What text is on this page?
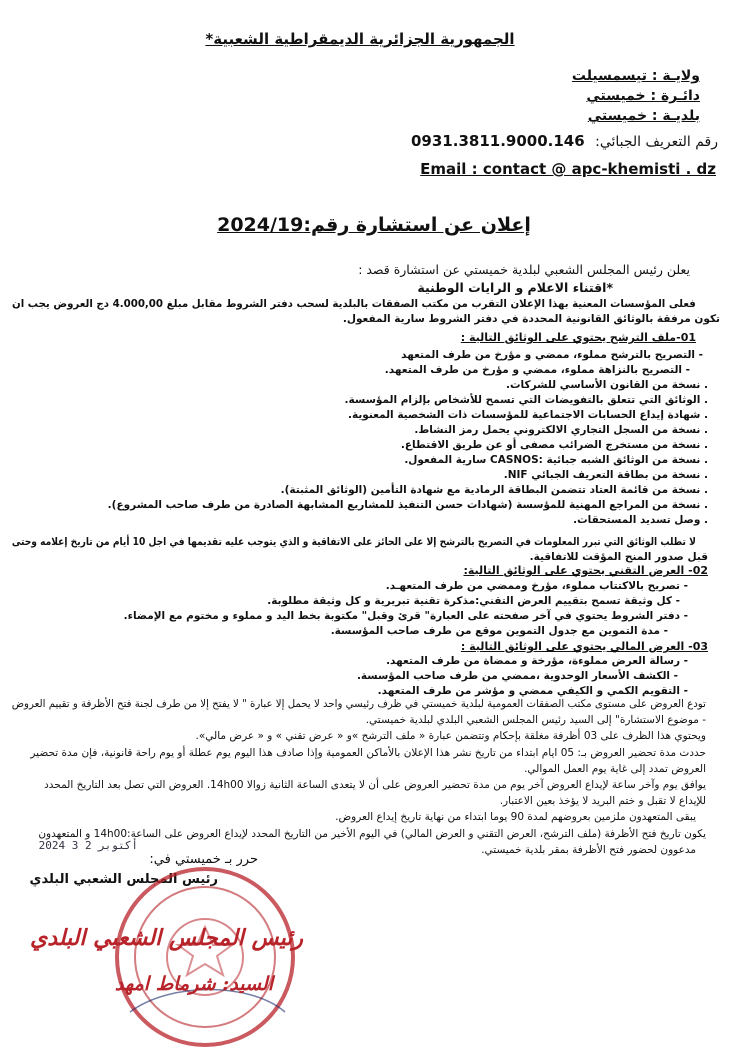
الجمهورية الجزائرية الديمقراطية الشعبية*
ولايـة : تيسمسيلت
دائـرة : خميستي
بلديـة : خميستي
رقم التعريف الجبائي: 0931.3811.9000.146
Email : contact @ apc-khemisti . dz
إعلان عن استشارة رقم:2024/19
يعلن رئيس المجلس الشعبي لبلدية خميستي عن استشارة قصد :
*اقتناء الاعلام و الرايات الوطنية
فعلى المؤسسات المعنية بهذا الإعلان التقرب من مكتب الصفقات بالبلدية لسحب دفتر الشروط مقابل مبلغ 4.000,00 دج العروض يجب ان
تكون مرفقة بالوثائق القانونية المحددة في دفتر الشروط سارية المفعول.
01-ملف الترشح يحتوي على الوثائق التالية :
- التصريح بالترشح مملوء، ممضي و مؤرخ من طرف المتعهد
- التصريح بالنزاهة مملوء، ممضي و مؤرخ من طرف المتعهد.
. نسخة من القانون الأساسي للشركات.
. الوثائق التي تتعلق بالتفويضات التي تسمح للأشخاص بإلزام المؤسسة.
. شهادة إيداع الحسابات الاجتماعية للمؤسسات ذات الشخصية المعنوية.
. نسخة من السجل التجاري الالكتروني يحمل رمز النشاط.
. نسخة من مستخرج الضرائب مصفى أو عن طريق الاقتطاع.
. نسخة من الوثائق الشبه جبائية :CASNOS سارية المفعول.
. نسخة من بطاقة التعريف الجبائي NIF.
. نسخة من قائمة العتاد تتضمن البطاقة الرمادية مع شهادة التأمين (الوثائق المثبتة).
. نسخة من المراجع المهنية للمؤسسة (شهادات حسن التنفيذ للمشاريع المشابهة الصادرة من طرف صاحب المشروع).
. وصل تسديد المستحقات.
لا تطلب الوثائق التي تبرر المعلومات في التصريح بالترشح إلا على الحائز على الاتفاقية و الذي يتوجب عليه تقديمها في اجل 10 أيام من تاريخ إعلامه وحتى
قبل صدور المنح المؤقت للاتفاقية.
02- العرض التقني يحتوي على الوثائق التالية:
- تصريح بالاكتتاب مملوء، مؤرخ وممضي من طرف المتعهـد.
- كل وثيقة تسمح بتقييم العرض التقني:مذكرة تقنية تبريرية و كل وثيقة مطلوبة.
- دفتر الشروط يحتوي في آخر صفحته على العبارة" قرئ وقبل" مكتوبة بخط اليد و مملوء و مختوم مع الإمضاء.
- مدة التموين مع جدول التموين موقع من طرف صاحب المؤسسة.
03- العرض المالي يحتوي على الوثائق التالية :
- رسالة العرض مملوءة، مؤرخة و ممضاة من طرف المتعهد.
- الكشف الأسعار الوحدوية ،ممضي من طرف صاحب المؤسسة.
- التقويم الكمي و الكيفي ممضي و مؤشر من طرف المتعهد.
تودع العروض على مستوى مكتب الصفقات العمومية لبلدية خميستي في ظرف رئيسي واحد لا يحمل إلا عبارة " لا يفتح إلا من طرف لجنة فتح الأظرفة و تقييم العروض
- موضوع الاستشارة" إلى السيد رئيس المجلس الشعبي البلدي لبلدية خميستي.
ويحتوي هذا الظرف على 03 أظرفة مغلقة بإحكام وتتضمن عبارة « ملف الترشح »و « عرض تقني » و « عرض مالي».
حددت مدة تحضير العروض بـ: 05 ايام ابتداء من تاريخ نشر هذا الإعلان بالأماكن العمومية وإذا صادف هذا اليوم يوم عطلة أو يوم راحة قانونية، فإن مدة تحضير
العروض تمدد إلى غاية يوم العمل الموالي.
يوافق يوم وآخر ساعة لإيداع العروض آخر يوم من مدة تحضير العروض على أن لا يتعدى الساعة الثانية زوالا 14h00. العروض التي تصل بعد التاريخ المحدد
للإيداع لا تقبل و ختم البريد لا يؤخذ بعين الاعتبار.
يبقى المتعهدون ملزمين بعروضهم لمدة 90 يوما ابتداء من نهاية تاريخ إيداع العروض.
يكون تاريخ فتح الأظرفة (ملف الترشح، العرض التقني و العرض المالي) في اليوم الأخير من التاريخ المحدد لإيداع العروض على الساعة:14h00 و المتعهدون
مدعوون لحضور فتح الأظرفة بمقر بلدية خميستي.
2024 أكتوبر 2 3
حرر بـ خميستي في:
رئيس المجلس الشعبي البلدي
رئيس المجلس الشعبي البلدي
السيد: شرماط امهد
